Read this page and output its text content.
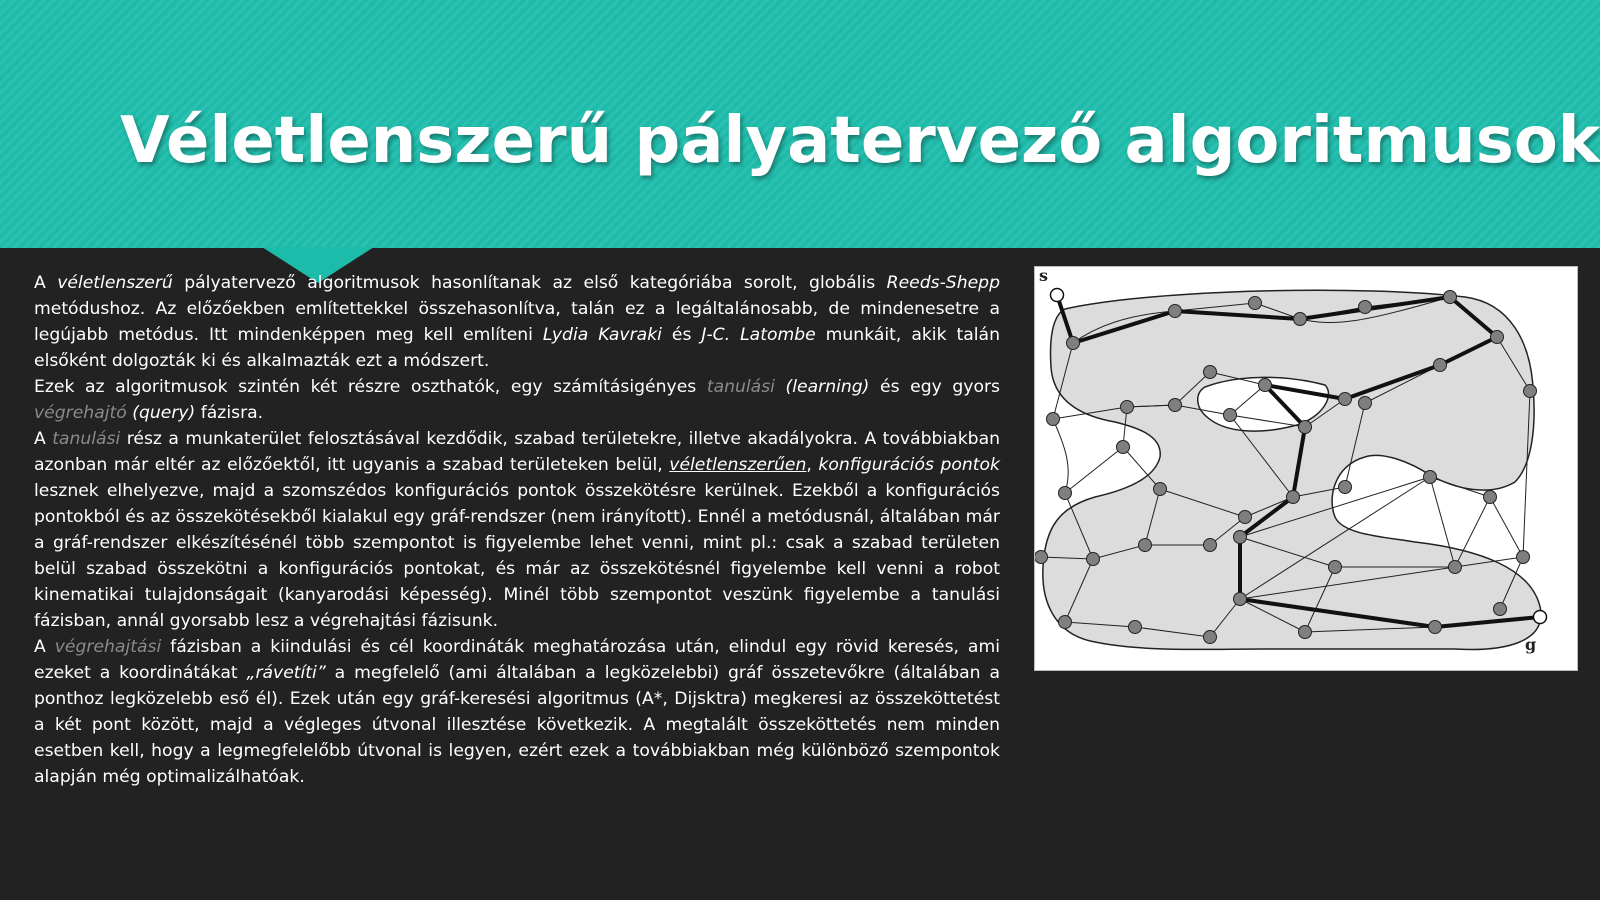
Véletlenszerű pályatervező algoritmusok

A véletlenszerű pályatervező algoritmusok hasonlítanak az első kategóriába sorolt, globális Reeds-Shepp metódushoz. Az előzőekben említettekkel összehasonlítva, talán ez a legáltalánosabb, de mindenesetre a legújabb metódus. Itt mindenképpen meg kell említeni Lydia Kavraki és J-C. Latombe munkáit, akik talán elsőként dolgozták ki és alkalmazták ezt a módszert.

Ezek az algoritmusok szintén két részre oszthatók, egy számításigényes tanulási (learning) és egy gyors végrehajtó (query) fázisra.

A tanulási rész a munkaterület felosztásával kezdődik, szabad területekre, illetve akadályokra. A továbbiakban azonban már eltér az előzőektől, itt ugyanis a szabad területeken belül, véletlenszerűen, konfigurációs pontok lesznek elhelyezve, majd a szomszédos konfigurációs pontok összekötésre kerülnek. Ezekből a konfigurációs pontokból és az összekötésekből kialakul egy gráf-rendszer (nem irányított). Ennél a metódusnál, általában már a gráf-rendszer elkészítésénél több szempontot is figyelembe lehet venni, mint pl.: csak a szabad területen belül szabad összekötni a konfigurációs pontokat, és már az összekötésnél figyelembe kell venni a robot kinematikai tulajdonságait (kanyarodási képesség). Minél több szempontot veszünk figyelembe a tanulási fázisban, annál gyorsabb lesz a végrehajtási fázisunk.

A végrehajtási fázisban a kiindulási és cél koordináták meghatározása után, elindul egy rövid keresés, ami ezeket a koordinátákat „rávetíti” a megfelelő (ami általában a legközelebbi) gráf összetevőkre (általában a ponthoz legközelebb eső él). Ezek után egy gráf-keresési algoritmus (A*, Dijsktra) megkeresi az összeköttetést a két pont között, majd a végleges útvonal illesztése következik. A megtalált összeköttetés nem minden esetben kell, hogy a legmegfelelőbb útvonal is legyen, ezért ezek a továbbiakban még különböző szempontok alapján még optimalizálhatóak.

s
g
